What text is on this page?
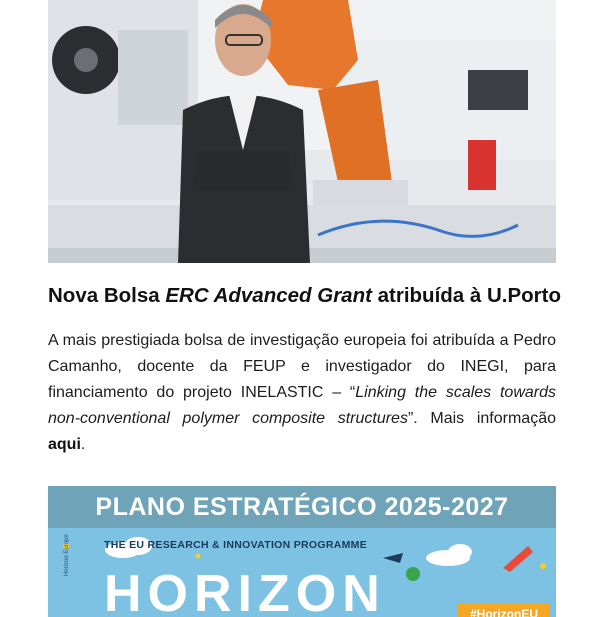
Nova Bolsa ERC Advanced Grant atribuída à U.Porto

A mais prestigiada bolsa de investigação europeia foi atribuída a Pedro Camanho, docente da FEUP e investigador do INEGI, para financiamento do projeto INELASTIC – “Linking the scales towards non-conventional polymer composite structures”. Mais informação aqui.

PLANO ESTRATÉGICO 2025-2027
Horizon Europe	THE EU RESEARCH & INNOVATION PROGRAMME
HORIZON	#HorizonEU
